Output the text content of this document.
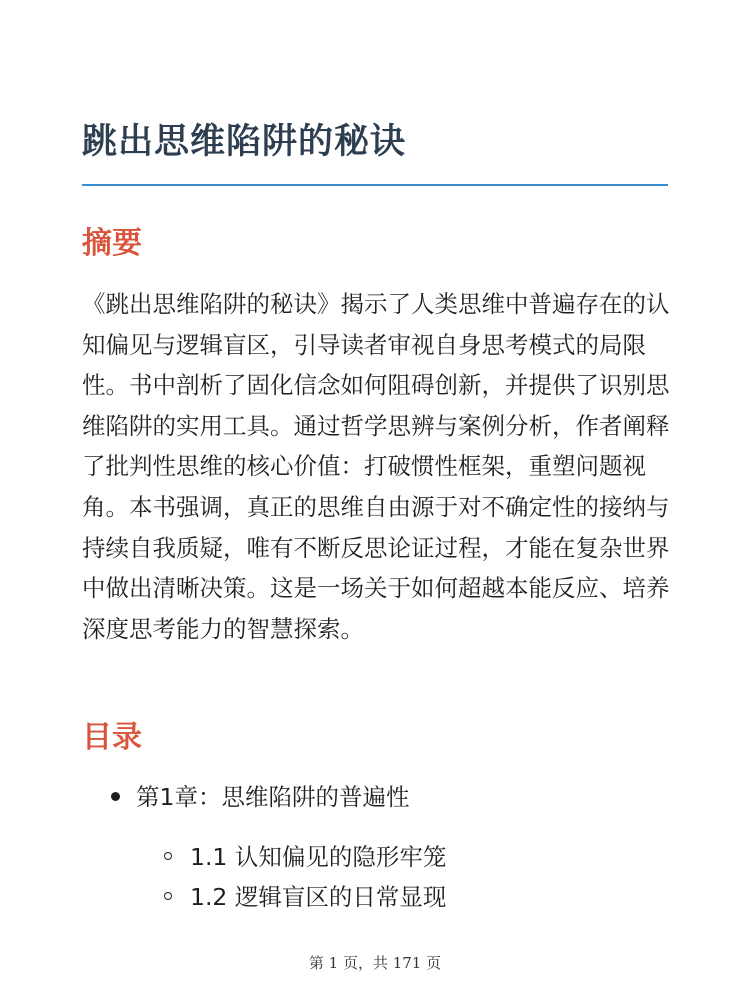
跳出思维陷阱的秘诀
摘要

《跳出思维陷阱的秘诀》揭示了人类思维中普遍存在的认知偏见与逻辑盲区，引导读者审视自身思考模式的局限性。书中剖析了固化信念如何阻碍创新，并提供了识别思维陷阱的实用工具。通过哲学思辨与案例分析，作者阐释了批判性思维的核心价值：打破惯性框架，重塑问题视角。本书强调，真正的思维自由源于对不确定性的接纳与持续自我质疑，唯有不断反思论证过程，才能在复杂世界中做出清晰决策。这是一场关于如何超越本能反应、培养深度思考能力的智慧探索。

目录
第1章：思维陷阱的普遍性
1.1 认知偏见的隐形牢笼
1.2 逻辑盲区的日常显现
第 1 页，共 171 页
